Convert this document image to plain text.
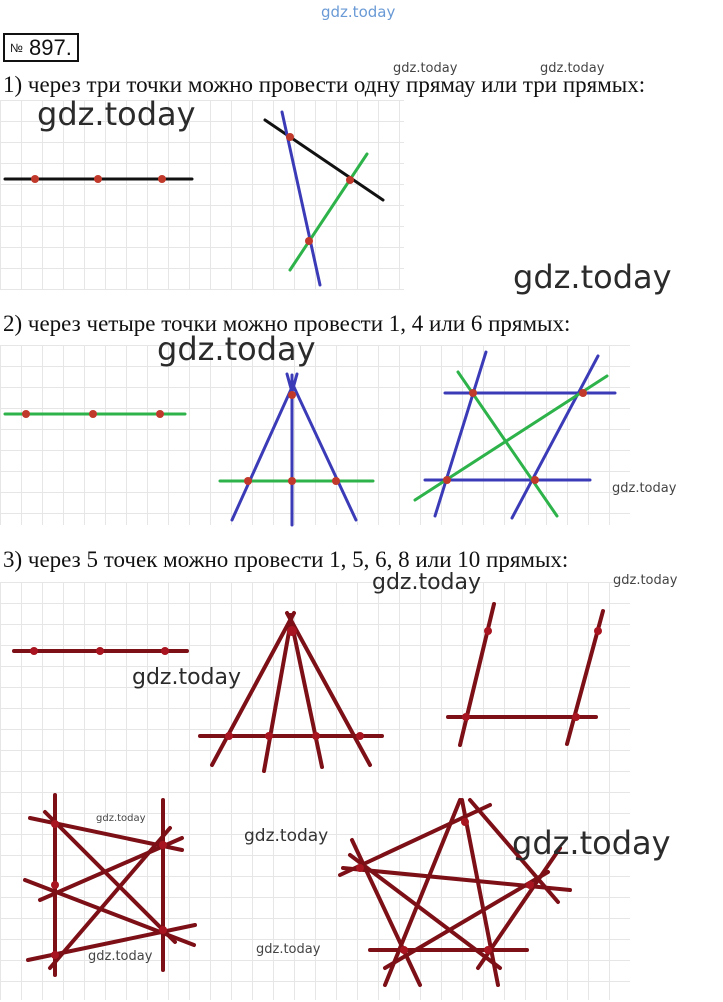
gdz.today
№ 897.
1) через три точки можно провести одну прямау или три прямых:
2) через четыре точки можно провести 1, 4 или 6 прямых:
3) через 5 точек можно провести 1, 5, 6, 8 или 10 прямых:
gdz.today	gdz.today
gdz.today
gdz.today
gdz.today
gdz.today
gdz.today	gdz.today
gdz.today
gdz.today
gdz.today	gdz.today
gdz.today
gdz.today
